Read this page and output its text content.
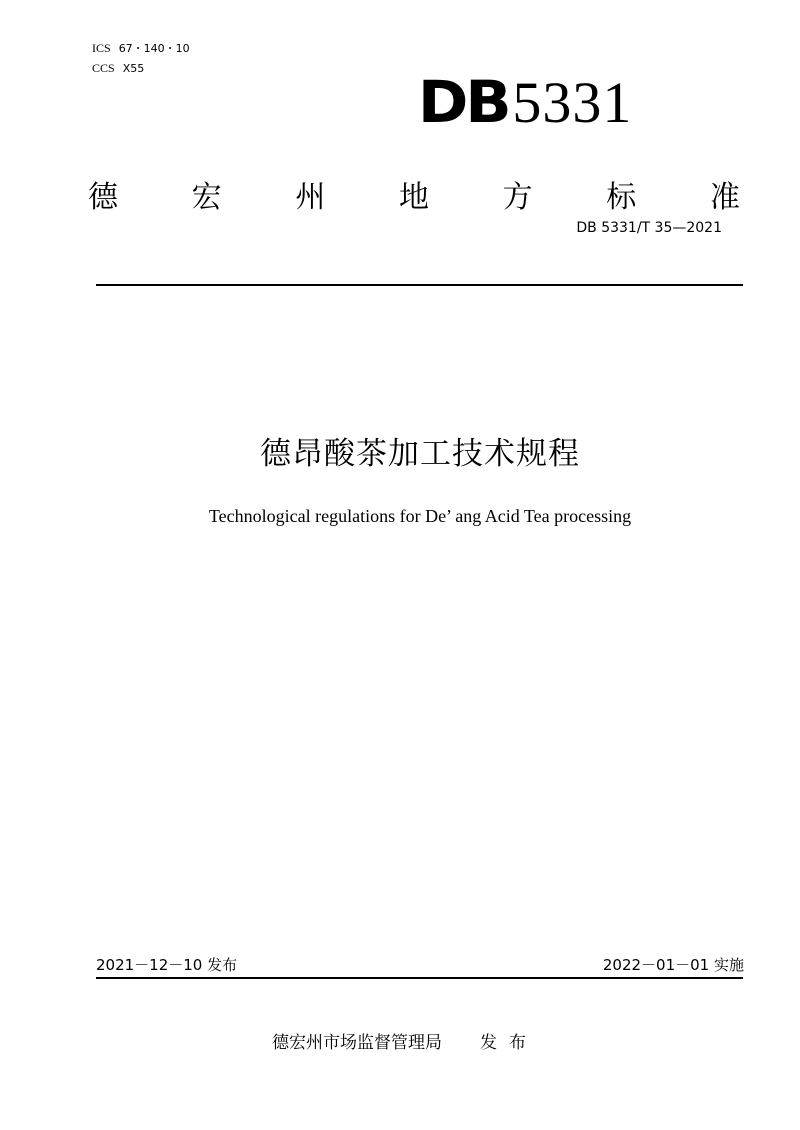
ICS 67・140・10
CCS X55	DB5331
德 宏 州 地 方 标 准
DB 5331/T 35—2021
德昂酸茶加工技术规程
Technological regulations for De’ ang Acid Tea processing
2021－12－10 发布	2022－01－01 实施
德宏州市场监督管理局 发布
